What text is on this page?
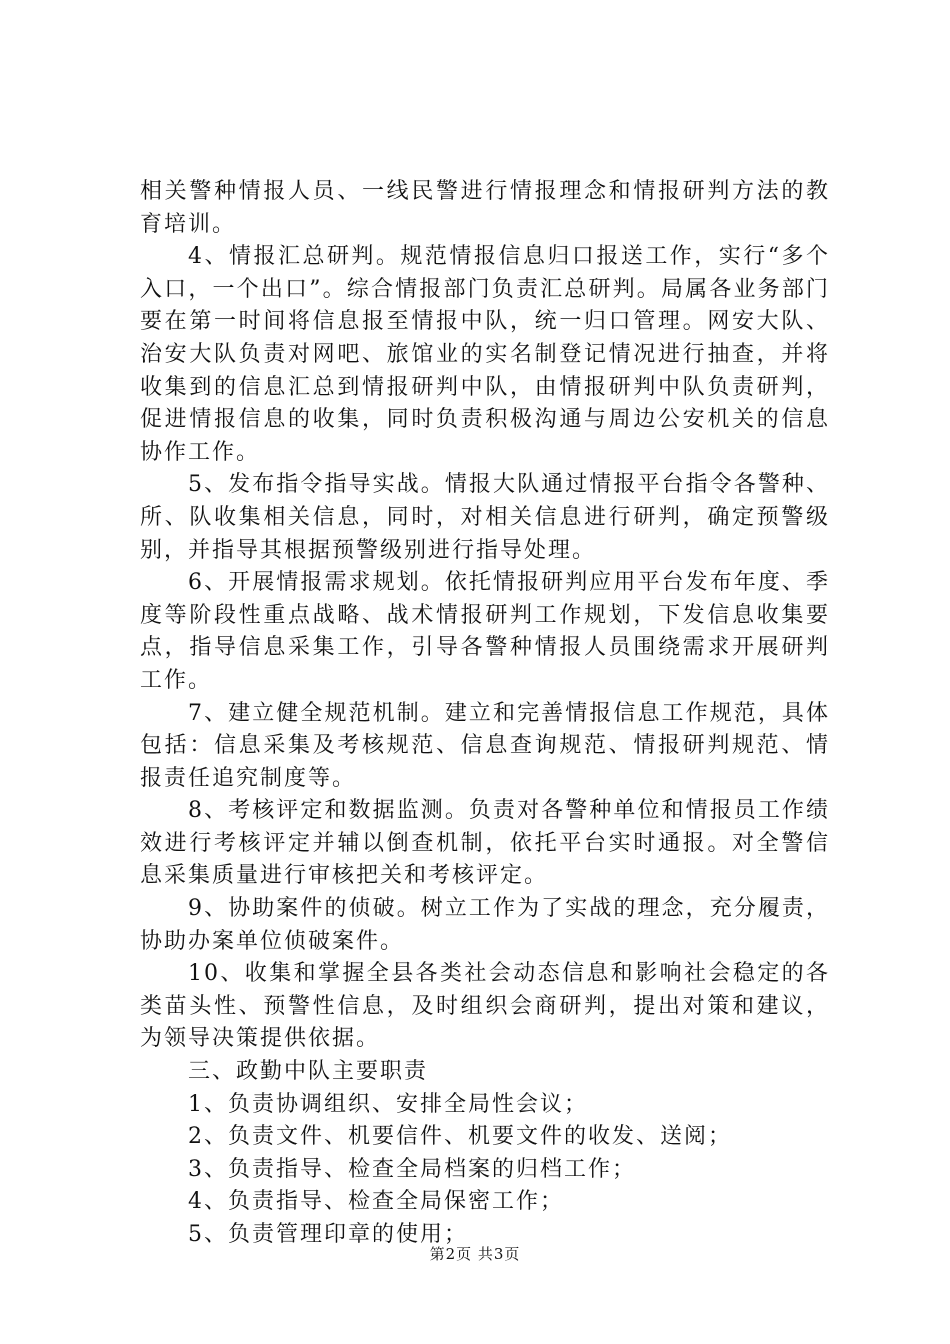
相关警种情报人员、一线民警进行情报理念和情报研判方法的教育培训。

4、情报汇总研判。规范情报信息归口报送工作，实行“多个入口，一个出口”。综合情报部门负责汇总研判。局属各业务部门要在第一时间将信息报至情报中队，统一归口管理。网安大队、治安大队负责对网吧、旅馆业的实名制登记情况进行抽查，并将收集到的信息汇总到情报研判中队，由情报研判中队负责研判，促进情报信息的收集，同时负责积极沟通与周边公安机关的信息协作工作。

5、发布指令指导实战。情报大队通过情报平台指令各警种、所、队收集相关信息，同时，对相关信息进行研判，确定预警级别，并指导其根据预警级别进行指导处理。

6、开展情报需求规划。依托情报研判应用平台发布年度、季度等阶段性重点战略、战术情报研判工作规划，下发信息收集要点，指导信息采集工作，引导各警种情报人员围绕需求开展研判工作。

7、建立健全规范机制。建立和完善情报信息工作规范，具体包括：信息采集及考核规范、信息查询规范、情报研判规范、情报责任追究制度等。

8、考核评定和数据监测。负责对各警种单位和情报员工作绩效进行考核评定并辅以倒查机制，依托平台实时通报。对全警信息采集质量进行审核把关和考核评定。

9、协助案件的侦破。树立工作为了实战的理念，充分履责，协助办案单位侦破案件。

10、收集和掌握全县各类社会动态信息和影响社会稳定的各类苗头性、预警性信息，及时组织会商研判，提出对策和建议，为领导决策提供依据。

三、政勤中队主要职责

1、负责协调组织、安排全局性会议；

2、负责文件、机要信件、机要文件的收发、送阅；

3、负责指导、检查全局档案的归档工作；

4、负责指导、检查全局保密工作；

5、负责管理印章的使用；

第2页 共3页
